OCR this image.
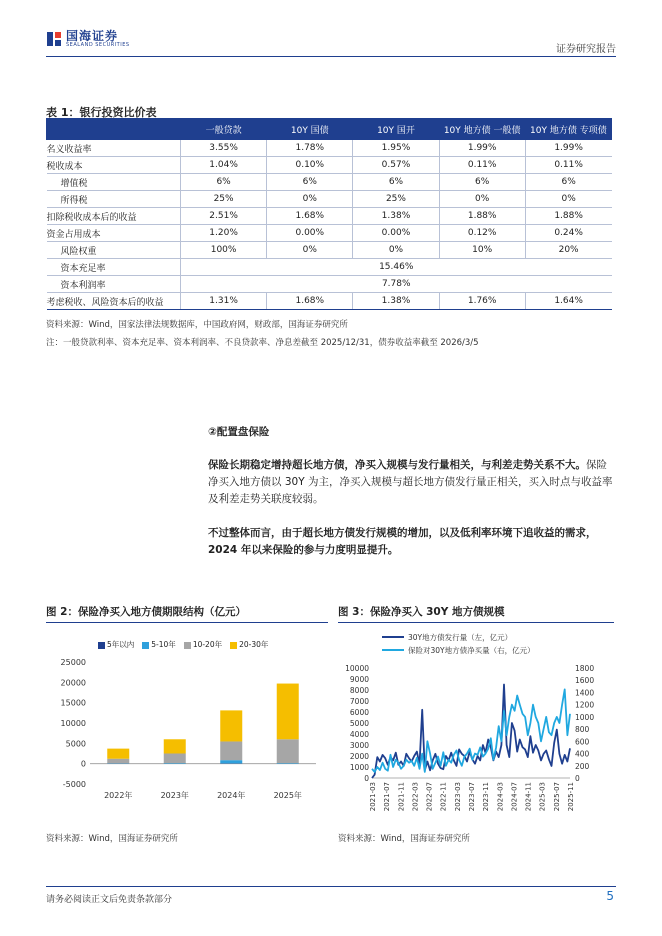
国海证券
SEALAND SECURITIES	证券研究报告
表 1：银行投资比价表
	一般贷款	10Y 国债	10Y 国开	10Y 地方债 一般债	10Y 地方债 专项债
名义收益率	3.55%	1.78%	1.95%	1.99%	1.99%
税收成本	1.04%	0.10%	0.57%	0.11%	0.11%
增值税	6%	6%	6%	6%	6%
所得税	25%	0%	25%	0%	0%
扣除税收成本后的收益	2.51%	1.68%	1.38%	1.88%	1.88%
资金占用成本	1.20%	0.00%	0.00%	0.12%	0.24%
风险权重	100%	0%	0%	10%	20%
资本充足率	15.46%				
资本利润率	7.78%				
考虑税收、风险资本后的收益	1.31%	1.68%	1.38%	1.76%	1.64%
资料来源：Wind，国家法律法规数据库，中国政府网，财政部，国海证券研究所
注：一般贷款利率、资本充足率、资本利润率、不良贷款率、净息差截至 2025/12/31，债券收益率截至 2026/3/5
②配置盘保险
保险长期稳定增持超长地方债，净买入规模与发行量相关，与利差走势关系不大。保险净买入地方债以 30Y 为主，净买入规模与超长地方债发行量正相关，买入时点与收益率及利差走势关联度较弱。
不过整体而言，由于超长地方债发行规模的增加，以及低利率环境下追收益的需求，2024 年以来保险的参与力度明显提升。
图 2：保险净买入地方债期限结构（亿元）
5年以内	5-10年	10-20年	20-30年
-5000
0
5000
10000
15000
20000
25000
2022年	2023年	2024年	2025年
资料来源：Wind，国海证券研究所
图 3：保险净买入 30Y 地方债规模
30Y地方债发行量（左，亿元）
保险对30Y地方债净买量（右，亿元）
0
1000
2000
3000
4000
5000
6000
7000
8000
9000
10000
0
200
400
600
800
1000
1200
1400
1600
1800
2021-03 2021-07 2021-11 2022-03 2022-07 2022-11 2023-03 2023-07 2023-11 2024-03 2024-07 2024-11 2025-03 2025-07 2025-11
资料来源：Wind，国海证券研究所
请务必阅读正文后免责条款部分	5
